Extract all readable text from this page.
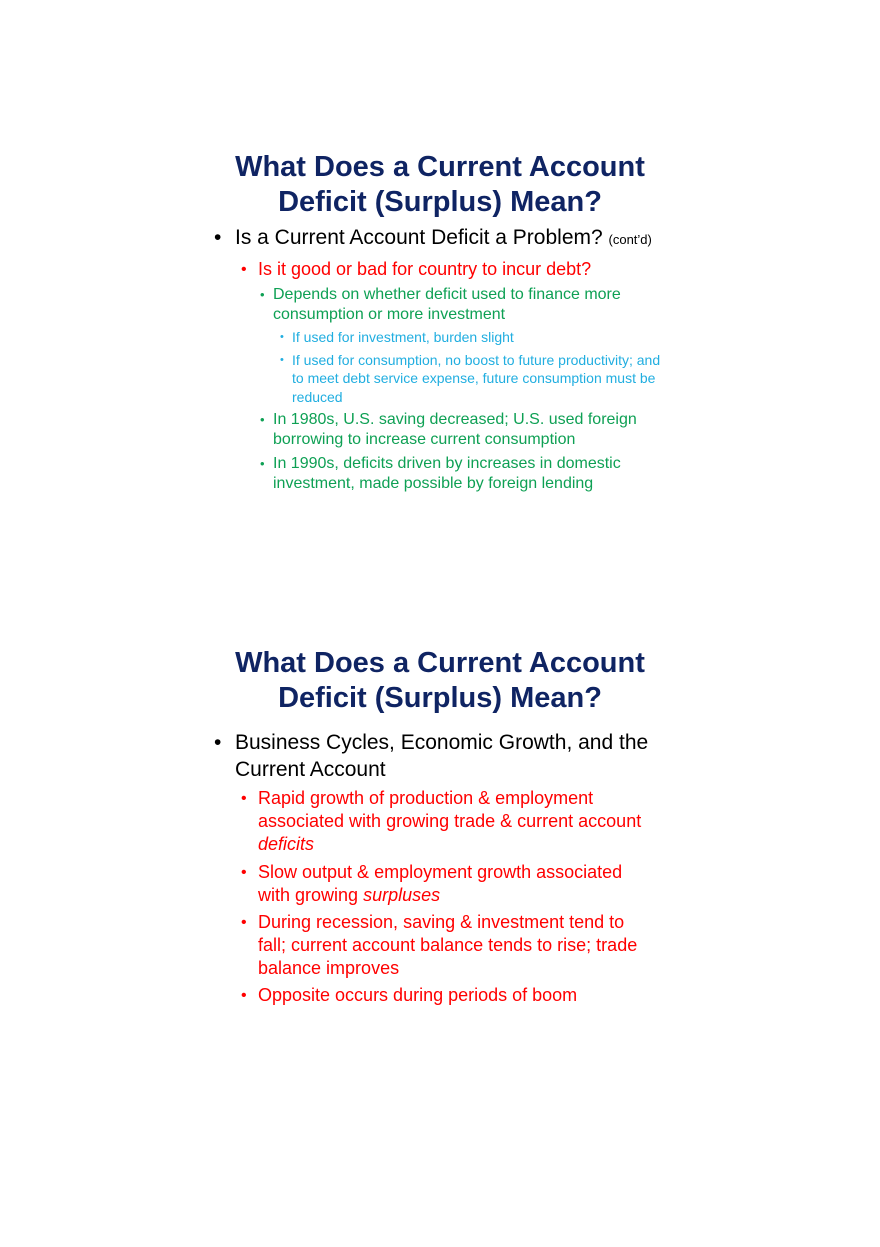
What Does a Current Account
Deficit (Surplus) Mean?
• Is a Current Account Deficit a Problem? (cont’d)
• Is it good or bad for country to incur debt?
• Depends on whether deficit used to finance more consumption or more investment
• If used for investment, burden slight
• If used for consumption, no boost to future productivity; and to meet debt service expense, future consumption must be reduced
• In 1980s, U.S. saving decreased; U.S. used foreign borrowing to increase current consumption
• In 1990s, deficits driven by increases in domestic investment, made possible by foreign lending
What Does a Current Account
Deficit (Surplus) Mean?
• Business Cycles, Economic Growth, and the Current Account
• Rapid growth of production & employment associated with growing trade & current account deficits
• Slow output & employment growth associated with growing surpluses
• During recession, saving & investment tend to fall; current account balance tends to rise; trade balance improves
• Opposite occurs during periods of boom
